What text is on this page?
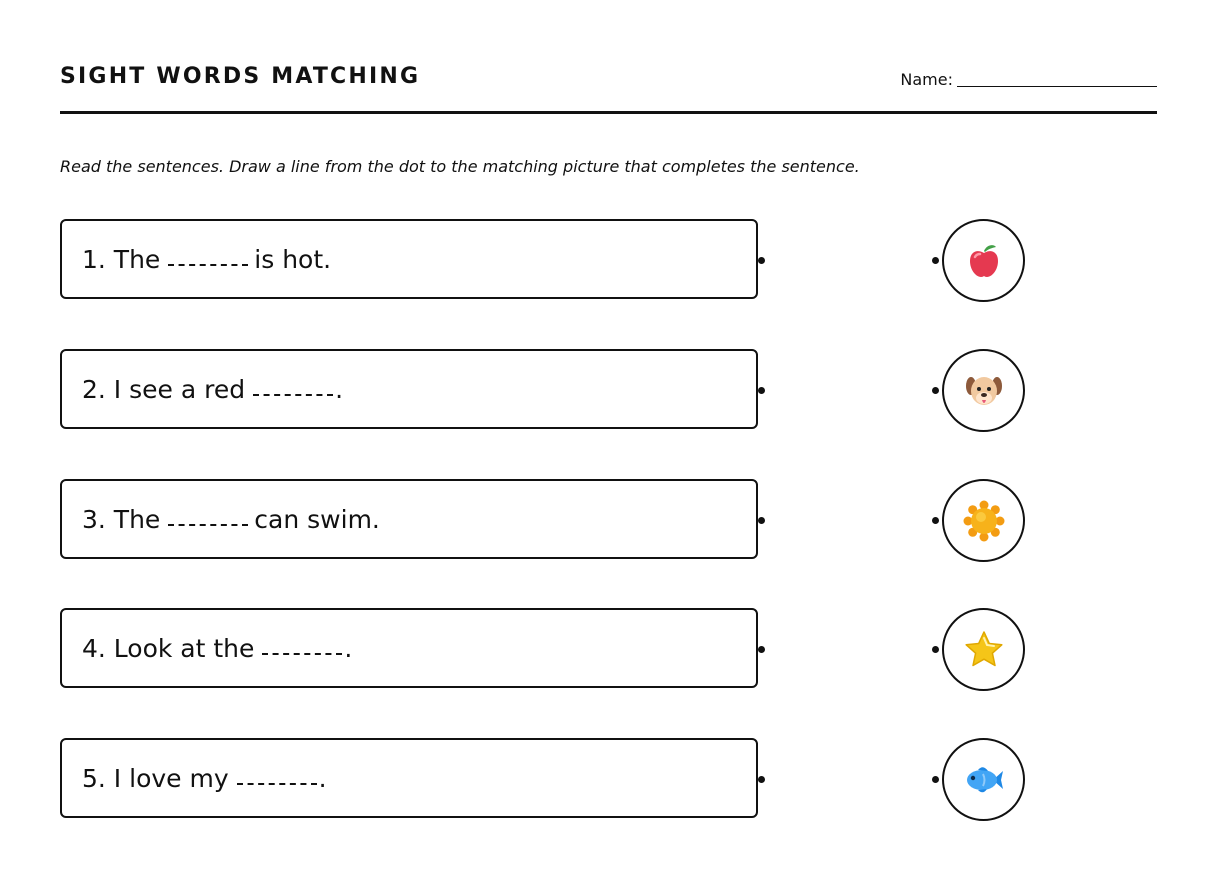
SIGHT WORDS MATCHING	Name:
Read the sentences. Draw a line from the dot to the matching picture that completes the sentence.
1. The	is hot.
2. I see a red	.
3. The	can swim.
4. Look at the	.
5. I love my	.
